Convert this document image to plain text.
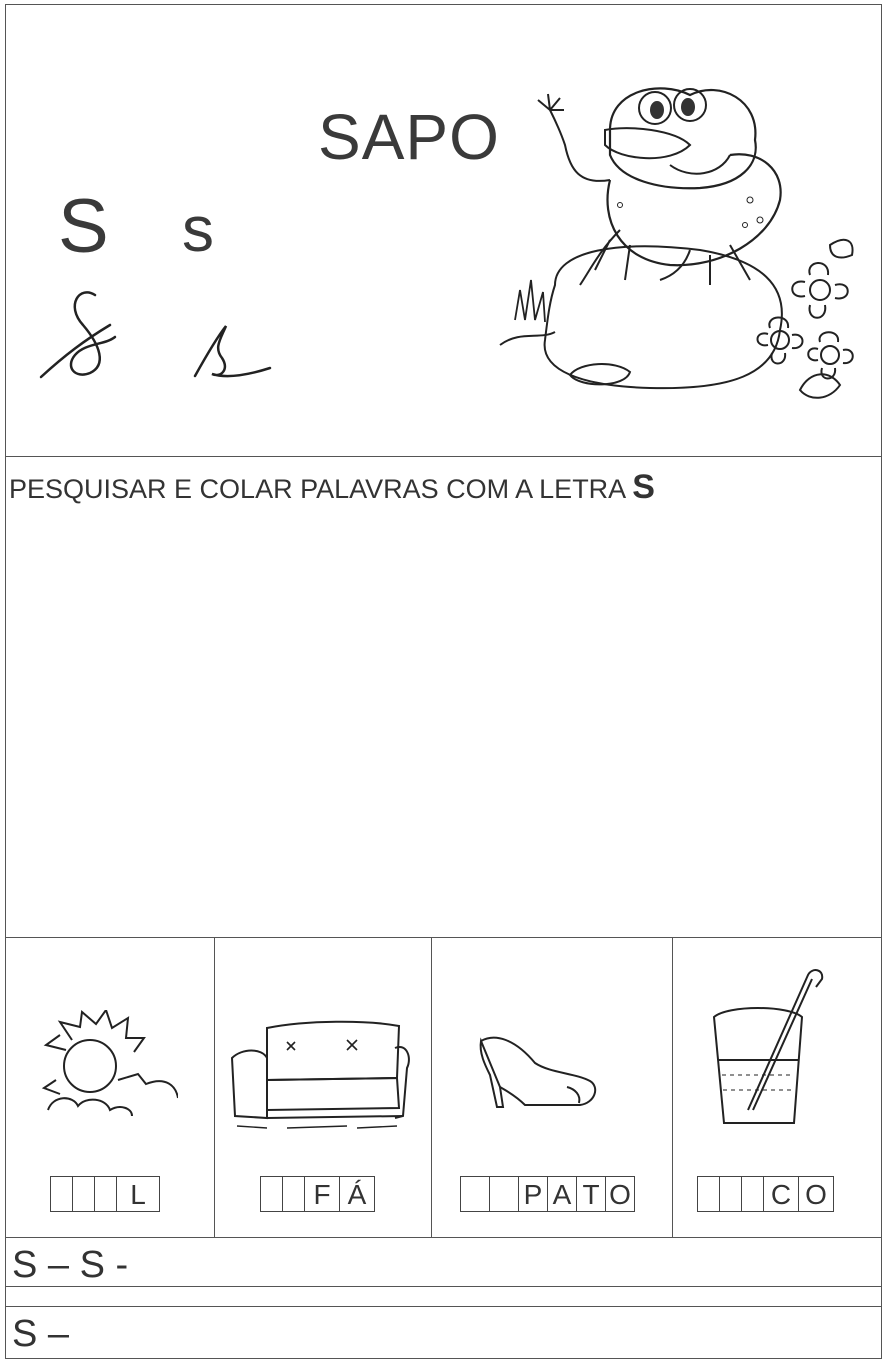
SAPO
S s
PESQUISAR E COLAR PALAVRAS COM A LETRA S
L	F Á	P A T O	C O
S – S -
S –
